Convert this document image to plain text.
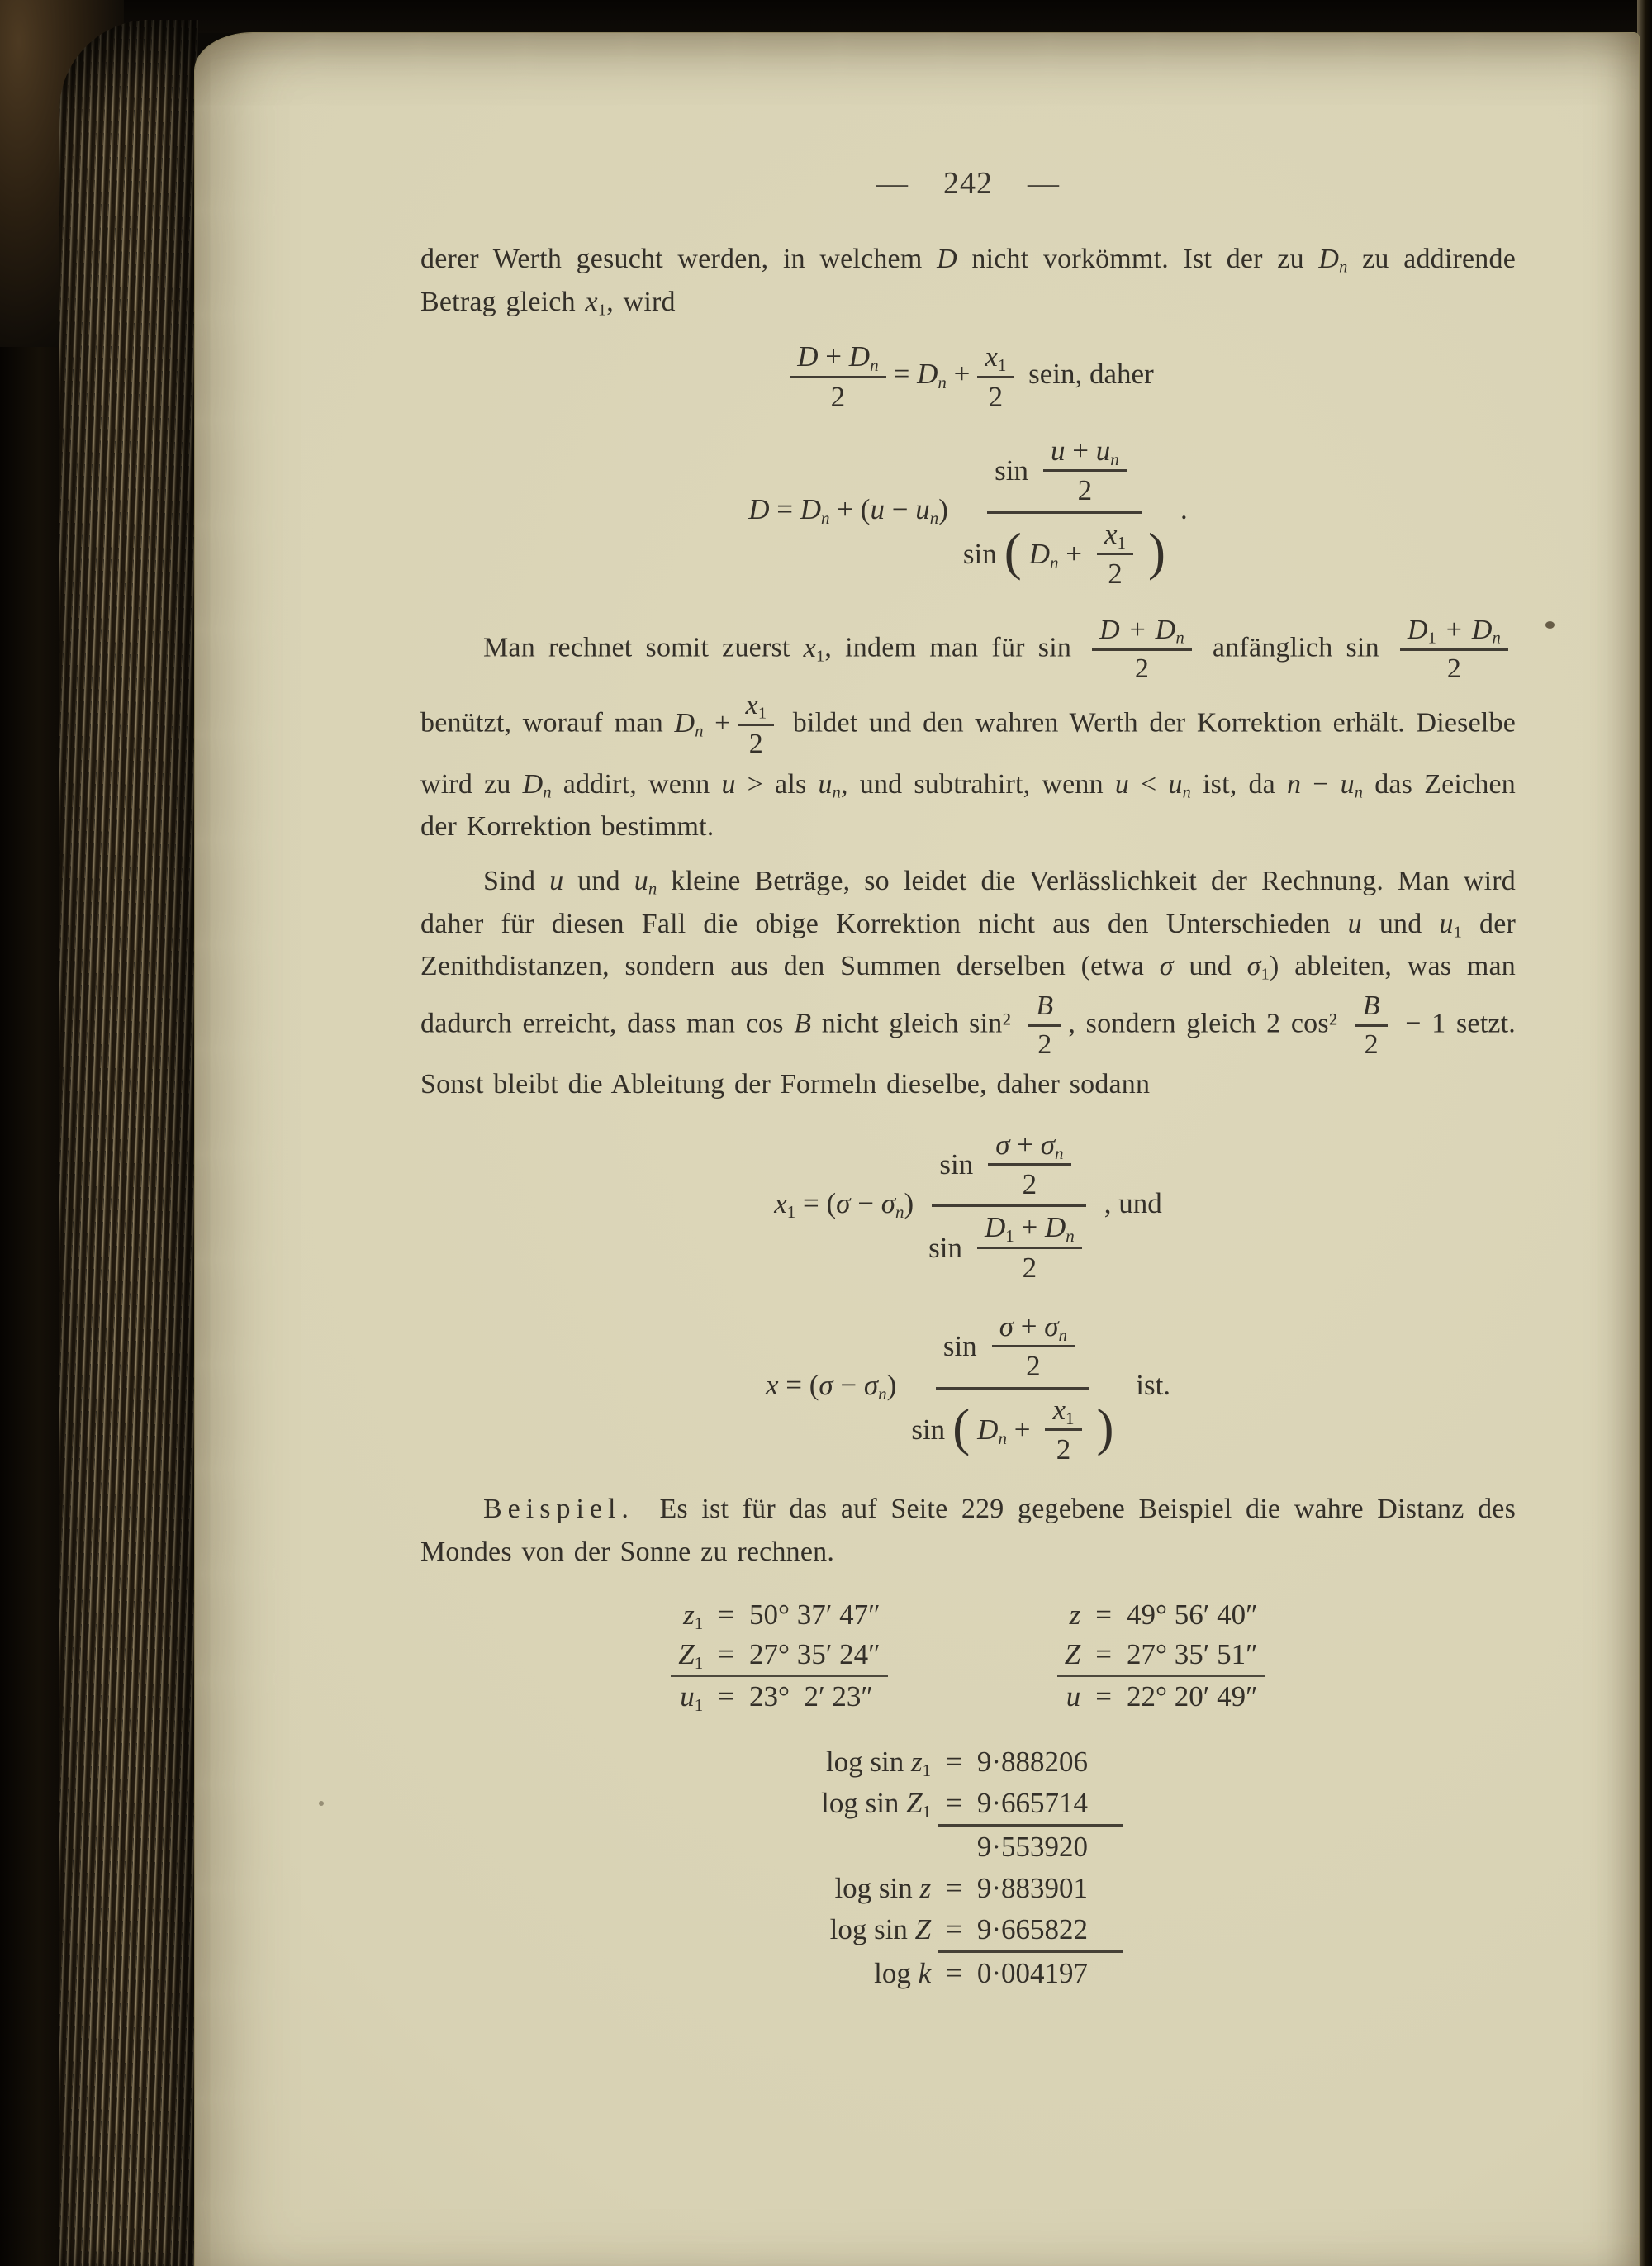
— 242 —

derer Werth gesucht werden, in welchem D nicht vorkömmt. Ist der zu $D_n$ zu addirende Betrag gleich $x_1$, wird

$\frac{D + D_n}{2} = D_n + \frac{x_1}{2}$ sein, daher
$D = D_n + (u - u_n) \frac{\sin \frac{u + u_n}{2}}{\sin ( D_n + \frac{x_1}{2} )}$ .

Man rechnet somit zuerst $x_1$, indem man für $\sin \frac{D + D_n}{2}$ anfänglich $\sin \frac{D_1 + D_n}{2}$
benützt, worauf man $D_n + \frac{x_1}{2}$ bildet und den wahren Werth der Korrektion erhält. Dieselbe wird zu $D_n$ addirt, wenn u > als $u_n$, und subtrahirt, wenn $u < u_n$ ist, da $n - u_n$ das Zeichen der Korrektion bestimmt.

Sind u und $u_n$ kleine Beträge, so leidet die Verlässlichkeit der Rechnung. Man wird daher für diesen Fall die obige Korrektion nicht aus den Unterschieden u und $u_1$ der Zenithdistanzen, sondern aus den Summen derselben (etwa σ und $\sigma_1$) ableiten, was man dadurch erreicht, dass man cos B nicht gleich $\sin^2 \frac{B}{2}$ , sondern gleich 2 $\cos^2 \frac{B}{2} - 1$ setzt. Sonst bleibt die Ableitung der Formeln dieselbe, daher sodann

$x_1 = (\sigma - \sigma_n) \frac{\sin \frac{\sigma + \sigma_n}{2}}{\sin \frac{D_1 + D_n}{2}}$ , und
$x = (\sigma - \sigma_n) \frac{\sin \frac{\sigma + \sigma_n}{2}}{\sin ( D_n + \frac{x_1}{2} )}$ ist.

Beispiel. Es ist für das auf Seite 229 gegebene Beispiel die wahre Distanz des Mondes von der Sonne zu rechnen.

$z_1$	=	50° 37′ 47″
$Z_1$	=	27° 35′ 24″
$u_1$	=	23°  2′ 23″
z	=	49° 56′ 40″
Z	=	27° 35′ 51″
u	=	22° 20′ 49″
$\log \sin z_1$	=	9·888206
$\log \sin Z_1$	=	9·665714
		9·553920
log sin z	=	9·883901
log sin Z	=	9·665822
log k	=	0·004197
